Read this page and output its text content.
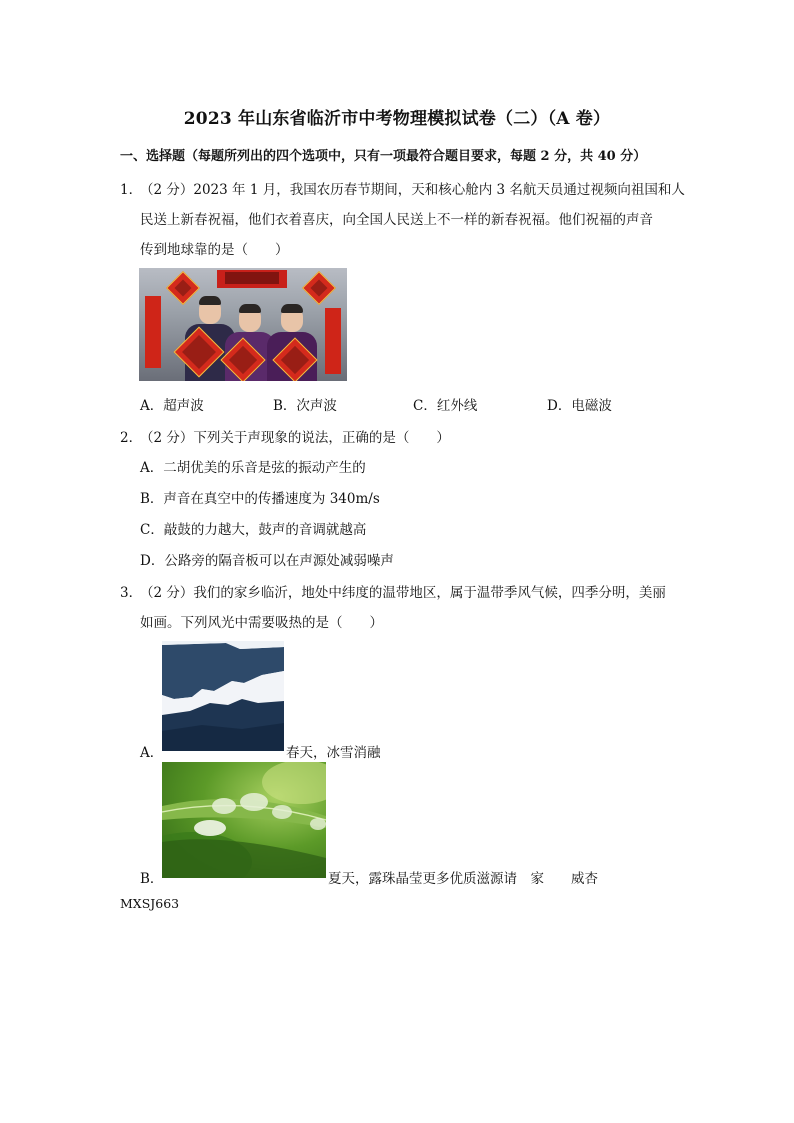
2023 年山东省临沂市中考物理模拟试卷（二）（A 卷）
一、选择题（每题所列出的四个选项中，只有一项最符合题目要求，每题 2 分，共 40 分）
1．
（2 分）2023 年 1 月，我国农历春节期间，天和核心舱内 3 名航天员通过视频向祖国和人
民送上新春祝福，他们衣着喜庆，向全国人民送上不一样的新春祝福。他们祝福的声音
传到地球靠的是（　　）
A．超声波	B．次声波	C．红外线	D．电磁波
2．
（2 分）下列关于声现象的说法，正确的是（　　）
A．二胡优美的乐音是弦的振动产生的
B．声音在真空中的传播速度为 340m/s
C．敲鼓的力越大，鼓声的音调就越高
D．公路旁的隔音板可以在声源处减弱噪声
3．
（2 分）我们的家乡临沂，地处中纬度的温带地区，属于温带季风气候，四季分明，美丽
如画。下列风光中需要吸热的是（　　）
A．	春天，冰雪消融
B．	夏天，露珠晶莹更多优质滋源请　家　　威杏
MXSJ663
